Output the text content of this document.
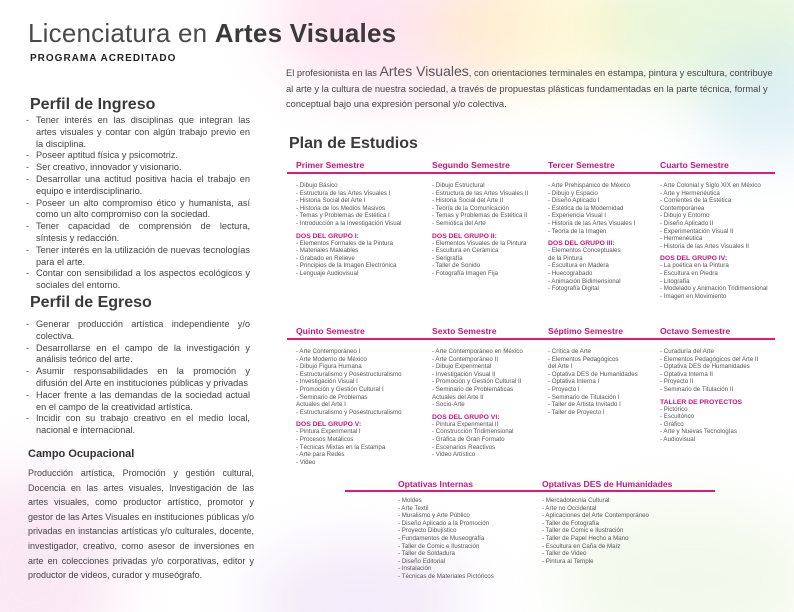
Licenciatura en Artes Visuales
PROGRAMA ACREDITADO

El profesionista en las Artes Visuales, con orientaciones terminales en estampa, pintura y escultura, contribuye al arte y la cultura de nuestra sociedad, a través de propuestas plásticas fundamentadas en la parte técnica, formal y conceptual bajo una expresión personal y/o colectiva.

Perfil de Ingreso
- Tener interés en las disciplinas que integran las artes visuales y contar con algún trabajo previo en la disciplina.
- Poseer aptitud física y psicomotriz.
- Ser creativo, innovador y visionario.
- Desarrollar una actitud positiva hacia el trabajo en equipo e interdisciplinario.
- Poseer un alto compromiso ético y humanista, así como un alto compromiso con la sociedad.
- Tener capacidad de comprensión de lectura, síntesis y redacción.
- Tener interés en la utilización de nuevas tecnologías para el arte.
- Contar con sensibilidad a los aspectos ecológicos y sociales del entorno.
Perfil de Egreso
- Generar producción artística independiente y/o colectiva.
- Desarrollarse en el campo de la investigación y análisis teórico del arte.
- Asumir responsabilidades en la promoción y difusión del Arte en instituciones públicas y privadas
- Hacer frente a las demandas de la sociedad actual en el campo de la creatividad artística.
- Incidir con su trabajo creativo en el medio local, nacional e internacional.
Campo Ocupacional

Producción artística, Promoción y gestión cultural, Docencia en las artes visuales, Investigación de las artes visuales, como productor artístico, promotor y gestor de las Artes Visuales en instituciones públicas y/o privadas en instancias artísticas y/o culturales, docente, investigador, creativo, como asesor de inversiones en arte en colecciones privadas y/o corporativas, editor y productor de videos, curador y museógrafo.

Plan de Estudios
Primer Semestre
- Dibujo Básico
- Estructura de las Artes Visuales I
- Historia Social del Arte I
- Historia de los Medios Masivos
- Temas y Problemas de Estética I
- Introducción a la Investigación Visual
DOS DEL GRUPO I:
- Elementos Formales de la Pintura
- Materiales Maleables
- Grabado en Relieve
- Principios de la Imagen Electrónica
- Lenguaje Audiovisual
Segundo Semestre
- Dibujo Estructural
- Estructura de las Artes Visuales II
- Historia Social del Arte II
- Teoría de la Comunicación
- Temas y Problemas de Estética II
- Semiótica del Arte
DOS DEL GRUPO II:
- Elementos Visuales de la Pintura
- Escultura en Cerámica
- Serigrafía
- Taller de Sonido
- Fotografía Imagen Fija
Tercer Semestre
- Arte Prehispánico de México
- Dibujo y Espacio
- Diseño Aplicado I
- Estética de la Modernidad
- Experiencia Visual I
- Historia de las Artes Visuales I
- Teoría de la Imagen
DOS DEL GRUPO III:
- Elementos Conceptuales
de la Pintura
- Escultura en Madera
- Huecograbado
- Animación Bidimensional
- Fotografía Digital
Cuarto Semestre
- Arte Colonial y Siglo XIX en México
- Arte y Hermenéutica
- Corrientes de la Estética
Contemporánea
- Dibujo y Entorno
- Diseño Aplicado II
- Experimentación Visual II
- Hermenéutica
- Historia de las Artes Visuales II
DOS DEL GRUPO IV:
- La poética en la Pintura
- Escultura en Piedra
- Litografía
- Modelado y Animación Tridimensional
- Imagen en Movimiento
Quinto Semestre
- Arte Contemporáneo I
- Arte Moderno de México
- Dibujo Figura Humana
- Estructuralismo y Posestructuralismo
- Investigación Visual I
- Promoción y Gestión Cultural I
- Seminario de Problemas
Actuales del Arte I
- Estructuralismo y Posestructuralismo
DOS DEL GRUPO V:
- Pintura Experimental I
- Procesos Metálicos
- Técnicas Mixtas en la Estampa
- Arte para Redes
- Video
Sexto Semestre
- Arte Contemporáneo en México
- Arte Contemporáneo II
- Dibujo Experimental
- Investigación Visual II
- Promoción y Gestión Cultural II
- Seminario de Problemáticas
Actuales del Arte II
- Socio-Arte
DOS DEL GRUPO VI:
- Pintura Experimental II
- Construcción Tridimensional
- Gráfica de Gran Formato
- Escenarios Reactivos
- Video Artístico
Séptimo Semestre
- Crítica de Arte
- Elementos Pedagógicos
del Arte I
- Optativa DES de Humanidades
- Optativa Interna I
- Proyecto I
- Seminario de Titulación I
- Taller de Artista Invitado I
- Taller de Proyecto I
Octavo Semestre
- Curaduría del Arte
- Elementos Pedagógicos del Arte II
- Optativa DES de Humanidades
- Optativa Interna II
- Proyecto II
- Seminario de Titulación II
TALLER DE PROYECTOS
- Pictórico
- Escultórico
- Gráfico
- Arte y Nuevas Tecnologías
- Audiovisual
Optativas Internas
- Moldes
- Arte Textil
- Muralismo y Arte Público
- Diseño Aplicado a la Promoción
- Proyecto Dibujístico
- Fundamentos de Museografía
- Taller de Comic e Ilustración
- Taller de Soldadura
- Diseño Editorial
- Instalación
- Técnicas de Materiales Pictóricos
Optativas DES de Humanidades
- Mercadotecnia Cultural
- Arte no Occidental
- Aplicaciones del Arte Contemporáneo
- Taller de Fotografía
- Taller de Comic e Ilustración
- Taller de Papel Hecho a Mano
- Escultura en Caña de Maíz
- Taller de Video
- Pintura al Temple
